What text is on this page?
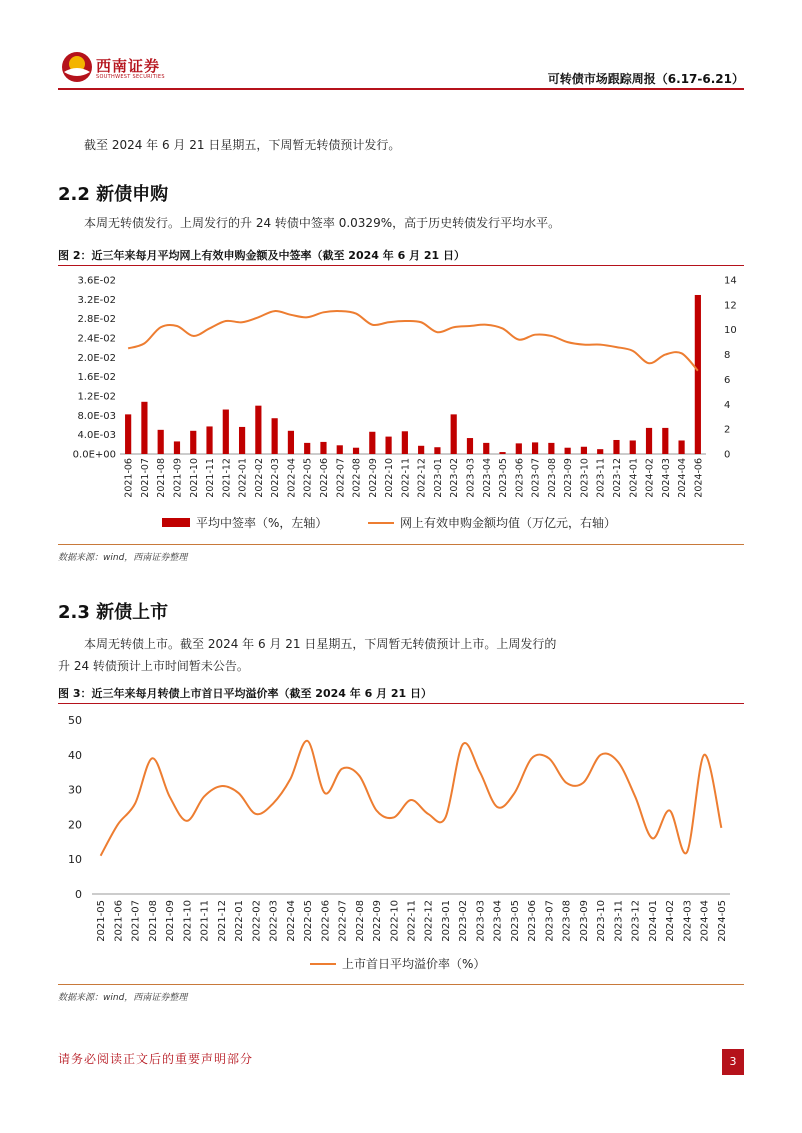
西南证券
SOUTHWEST SECURITIES	可转债市场跟踪周报（6.17-6.21）
截至 2024 年 6 月 21 日星期五，下周暂无转债预计发行。
2.2 新债申购
本周无转债发行。上周发行的升 24 转债中签率 0.0329%，高于历史转债发行平均水平。
图 2：近三年来每月平均网上有效申购金额及中签率（截至 2024 年 6 月 21 日）
0.0E+00
4.0E-03
8.0E-03
1.2E-02
1.6E-02
2.0E-02
2.4E-02
2.8E-02
3.2E-02
3.6E-02
0
2
4
6
8
10
12
14
2021-06 2021-07 2021-08 2021-09 2021-10 2021-11 2021-12 2022-01 2022-02 2022-03 2022-04 2022-05 2022-06 2022-07 2022-08 2022-09 2022-10 2022-11 2022-12 2023-01 2023-02 2023-03 2023-04 2023-05 2023-06 2023-07 2023-08 2023-09 2023-10 2023-11 2023-12 2024-01 2024-02 2024-03 2024-04 2024-06
平均中签率（%，左轴）	网上有效申购金额均值（万亿元，右轴）
数据来源：wind，西南证券整理
2.3 新债上市
本周无转债上市。截至 2024 年 6 月 21 日星期五，下周暂无转债预计上市。上周发行的
升 24 转债预计上市时间暂未公告。
图 3：近三年来每月转债上市首日平均溢价率（截至 2024 年 6 月 21 日）
0
10
20
30
40
50
2021-05 2021-06 2021-07 2021-08 2021-09 2021-10 2021-11 2021-12 2022-01 2022-02 2022-03 2022-04 2022-05 2022-06 2022-07 2022-08 2022-09 2022-10 2022-11 2022-12 2023-01 2023-02 2023-03 2023-04 2023-05 2023-06 2023-07 2023-08 2023-09 2023-10 2023-11 2023-12 2024-01 2024-02 2024-03 2024-04 2024-05
上市首日平均溢价率（%）
数据来源：wind，西南证券整理
请务必阅读正文后的重要声明部分	3
